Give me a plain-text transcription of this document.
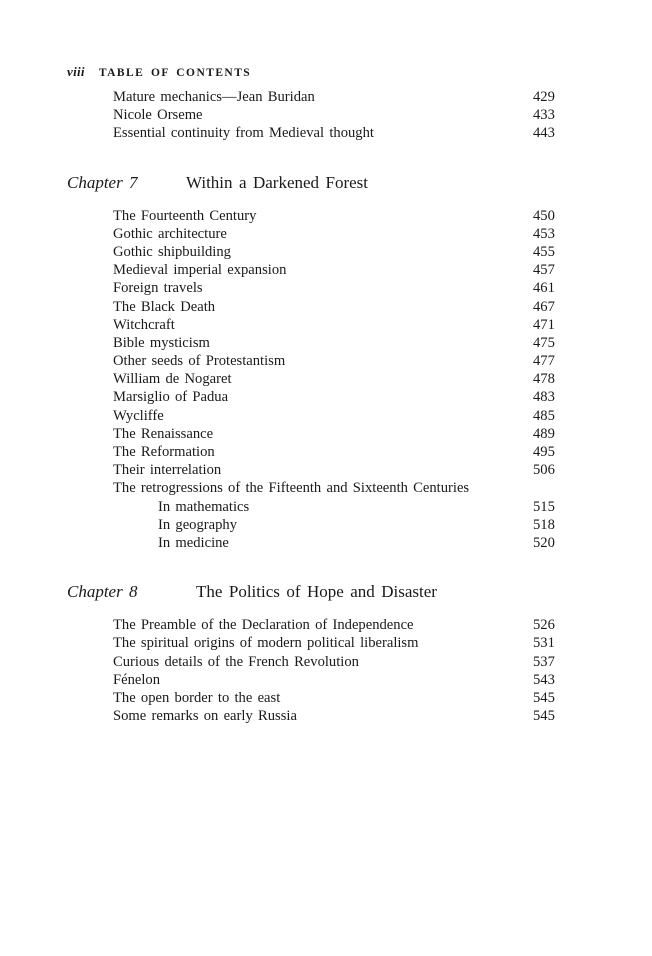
viii TABLE OF CONTENTS
Mature mechanics—Jean Buridan	429
Nicole Orseme	433
Essential continuity from Medieval thought	443
Chapter 7	Within a Darkened Forest
The Fourteenth Century	450
Gothic architecture	453
Gothic shipbuilding	455
Medieval imperial expansion	457
Foreign travels	461
The Black Death	467
Witchcraft	471
Bible mysticism	475
Other seeds of Protestantism	477
William de Nogaret	478
Marsiglio of Padua	483
Wycliffe	485
The Renaissance	489
The Reformation	495
Their interrelation	506
The retrogressions of the Fifteenth and Sixteenth Centuries
In mathematics	515
In geography	518
In medicine	520
Chapter 8	The Politics of Hope and Disaster
The Preamble of the Declaration of Independence	526
The spiritual origins of modern political liberalism	531
Curious details of the French Revolution	537
Fénelon	543
The open border to the east	545
Some remarks on early Russia	545
